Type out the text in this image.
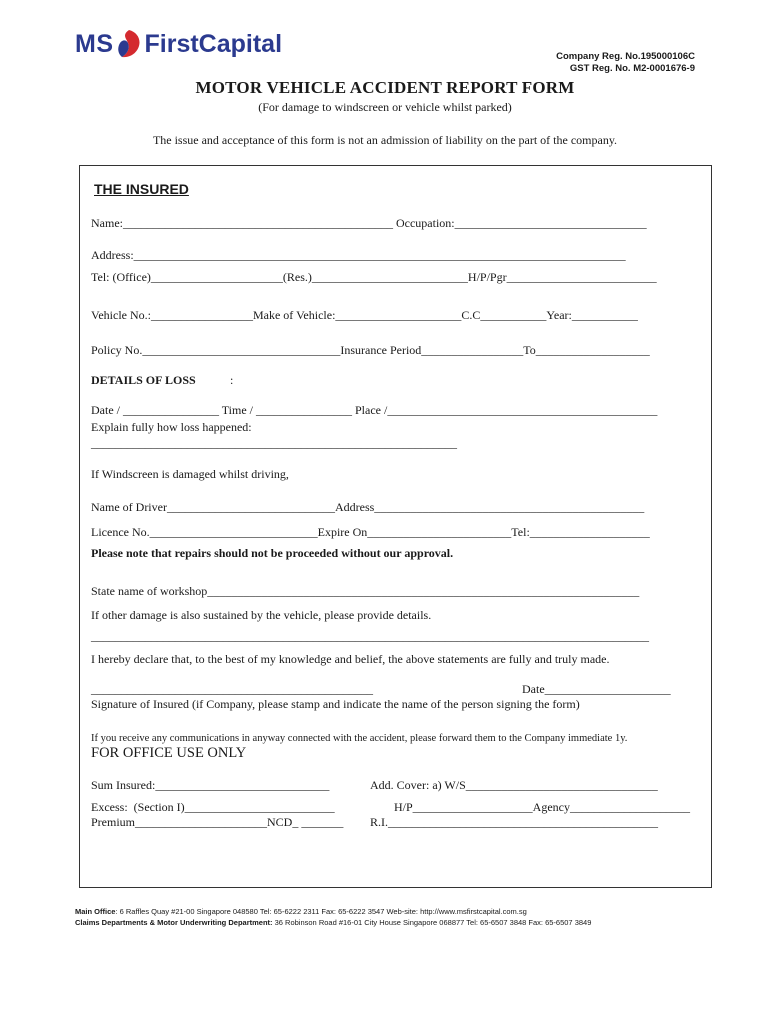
MS FirstCapital	Company Reg. No.195000106C
GST Reg. No. M2-0001676-9
MOTOR VEHICLE ACCIDENT REPORT FORM
(For damage to windscreen or vehicle whilst parked)
The issue and acceptance of this form is not an admission of liability on the part of the company.
THE INSURED
Name:_____________________________________________ Occupation:________________________________
Address:__________________________________________________________________________________
Tel: (Office)______________________(Res.)__________________________H/P/Pgr_________________________
Vehicle No.:_________________Make of Vehicle:_____________________C.C___________Year:___________
Policy No._________________________________Insurance Period_________________To___________________
DETAILS OF LOSS	:
Date / ________________ Time / ________________ Place /_____________________________________________
Explain fully how loss happened:
_____________________________________________________________
If Windscreen is damaged whilst driving,
Name of Driver____________________________Address_____________________________________________
Licence No.____________________________Expire On________________________Tel:____________________
Please note that repairs should not be proceeded without our approval.
State name of workshop________________________________________________________________________
If other damage is also sustained by the vehicle, please provide details.
_____________________________________________________________________________________________
I hereby declare that, to the best of my knowledge and belief, the above statements are fully and truly made.
_______________________________________________	Date_____________________
Signature of Insured (if Company, please stamp and indicate the name of the person signing the form)
If you receive any communications in anyway connected with the accident, please forward them to the Company immediate 1y.
FOR OFFICE USE ONLY
Sum Insured:_____________________________	Add. Cover: a) W/S________________________________
Excess:  (Section I)_________________________	H/P____________________Agency____________________
Premium______________________NCD_ _______ R.I._____________________________________________
Main Office: 6 Raffles Quay #21-00 Singapore 048580 Tel: 65-6222 2311 Fax: 65-6222 3547 Web-site: http://www.msfirstcapital.com.sg
Claims Departments & Motor Underwriting Department: 36 Robinson Road #16-01 City House Singapore 068877 Tel: 65-6507 3848 Fax: 65-6507 3849
